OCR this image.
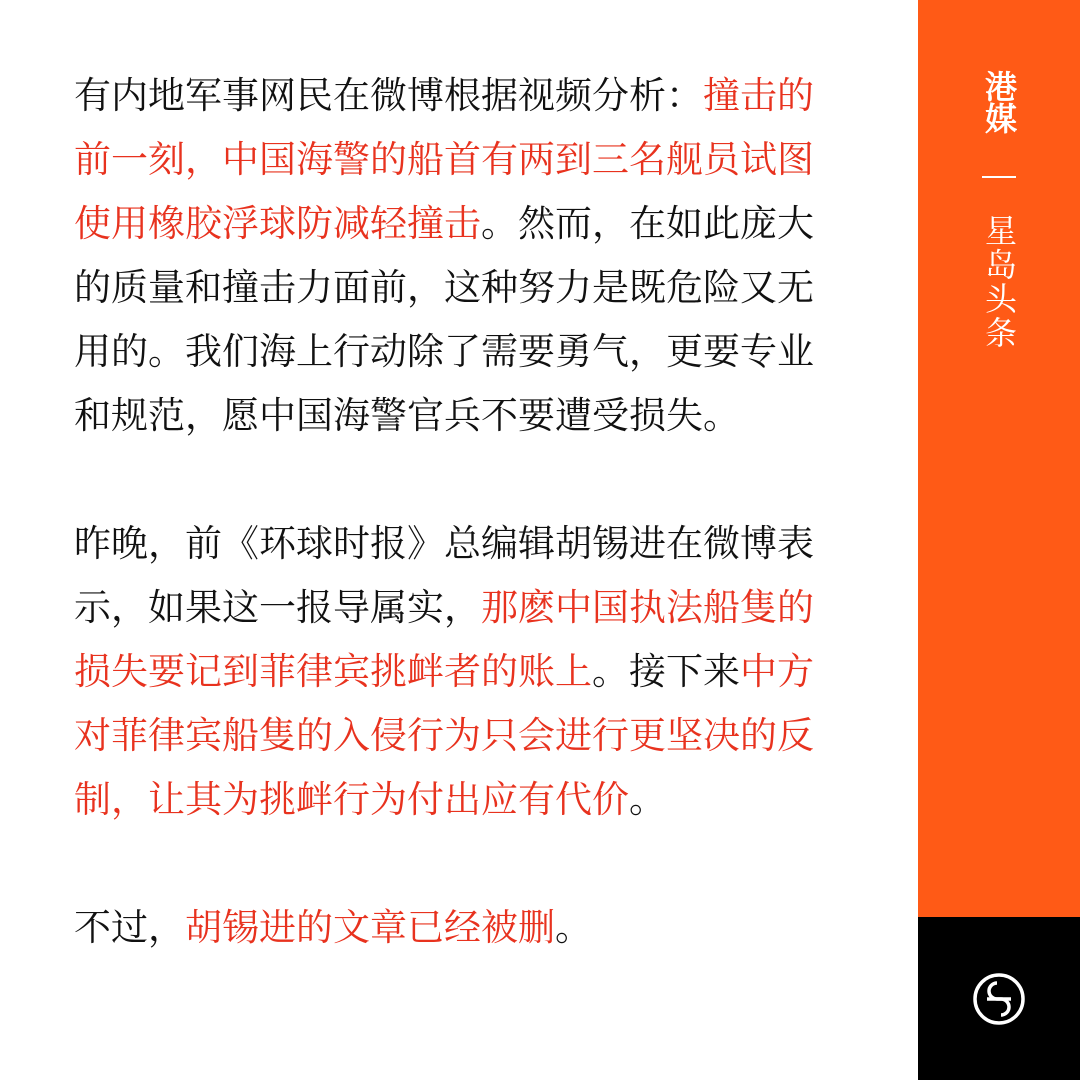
有内地军事网民在微博根据视频分析：撞击的前一刻，中国海警的船首有两到三名舰员试图使用橡胶浮球防减轻撞击。然而，在如此庞大的质量和撞击力面前，这种努力是既危险又无用的。我们海上行动除了需要勇气，更要专业和规范，愿中国海警官兵不要遭受损失。

昨晚，前《环球时报》总编辑胡锡进在微博表示，如果这一报导属实，那麽中国执法船隻的损失要记到菲律宾挑衅者的账上。接下来中方对菲律宾船隻的入侵行为只会进行更坚决的反制，让其为挑衅行为付出应有代价。

不过，胡锡进的文章已经被删。

港媒
星岛头条
